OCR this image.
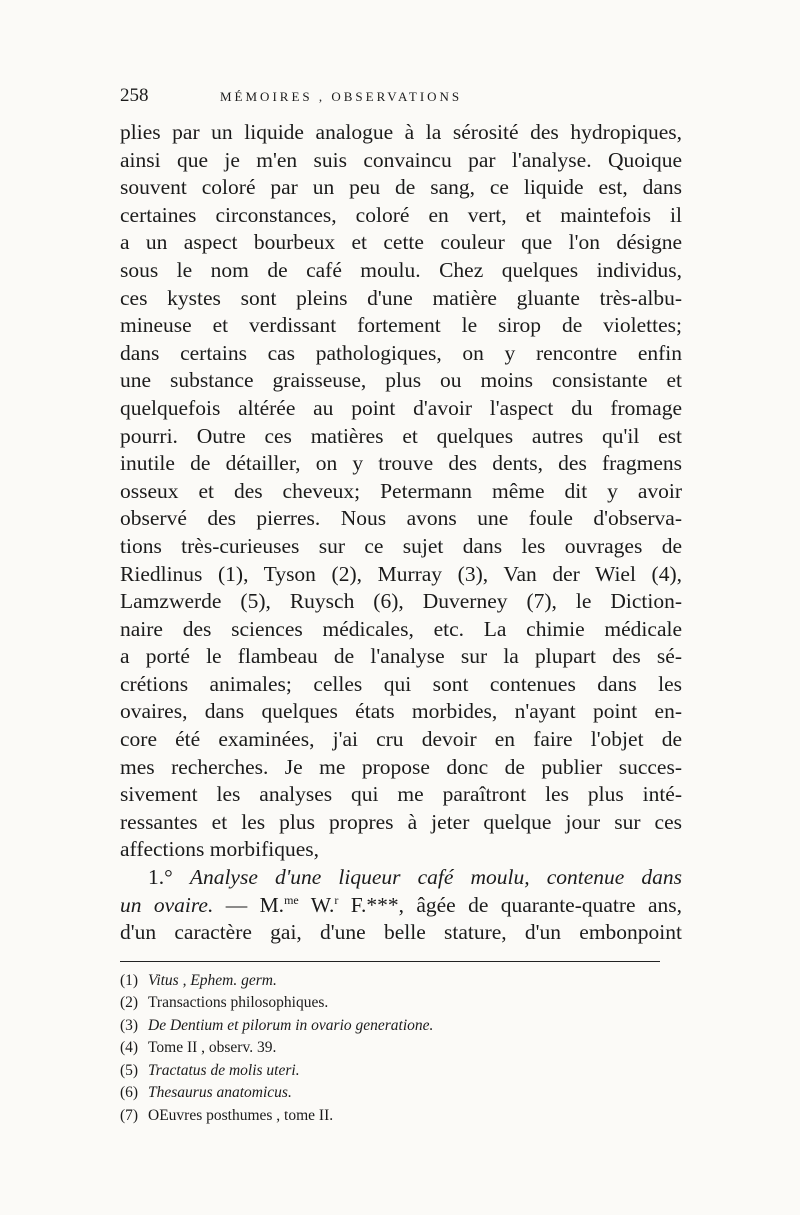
258	MÉMOIRES , OBSERVATIONS
plies par un liquide analogue à la sérosité des hydropiques,
ainsi que je m'en suis convaincu par l'analyse. Quoique
souvent coloré par un peu de sang, ce liquide est, dans
certaines circonstances, coloré en vert, et maintefois il
a un aspect bourbeux et cette couleur que l'on désigne
sous le nom de café moulu. Chez quelques individus,
ces kystes sont pleins d'une matière gluante très-albu-
mineuse et verdissant fortement le sirop de violettes;
dans certains cas pathologiques, on y rencontre enfin
une substance graisseuse, plus ou moins consistante et
quelquefois altérée au point d'avoir l'aspect du fromage
pourri. Outre ces matières et quelques autres qu'il est
inutile de détailler, on y trouve des dents, des fragmens
osseux et des cheveux; Petermann même dit y avoir
observé des pierres. Nous avons une foule d'observa-
tions très-curieuses sur ce sujet dans les ouvrages de
Riedlinus (1), Tyson (2), Murray (3), Van der Wiel (4),
Lamzwerde (5), Ruysch (6), Duverney (7), le Diction-
naire des sciences médicales, etc. La chimie médicale
a porté le flambeau de l'analyse sur la plupart des sé-
crétions animales; celles qui sont contenues dans les
ovaires, dans quelques états morbides, n'ayant point en-
core été examinées, j'ai cru devoir en faire l'objet de
mes recherches. Je me propose donc de publier succes-
sivement les analyses qui me paraîtront les plus inté-
ressantes et les plus propres à jeter quelque jour sur ces
affections morbifiques,
1.° Analyse d'une liqueur café moulu, contenue dans
un ovaire. — M.$^{me}$ W.$^r$ F.***, âgée de quarante-quatre ans,
d'un caractère gai, d'une belle stature, d'un embonpoint
(1) Vitus , Ephem. germ.
(2) Transactions philosophiques.
(3) De Dentium et pilorum in ovario generatione.
(4) Tome II , observ. 39.
(5) Tractatus de molis uteri.
(6) Thesaurus anatomicus.
(7) OEuvres posthumes , tome II.
